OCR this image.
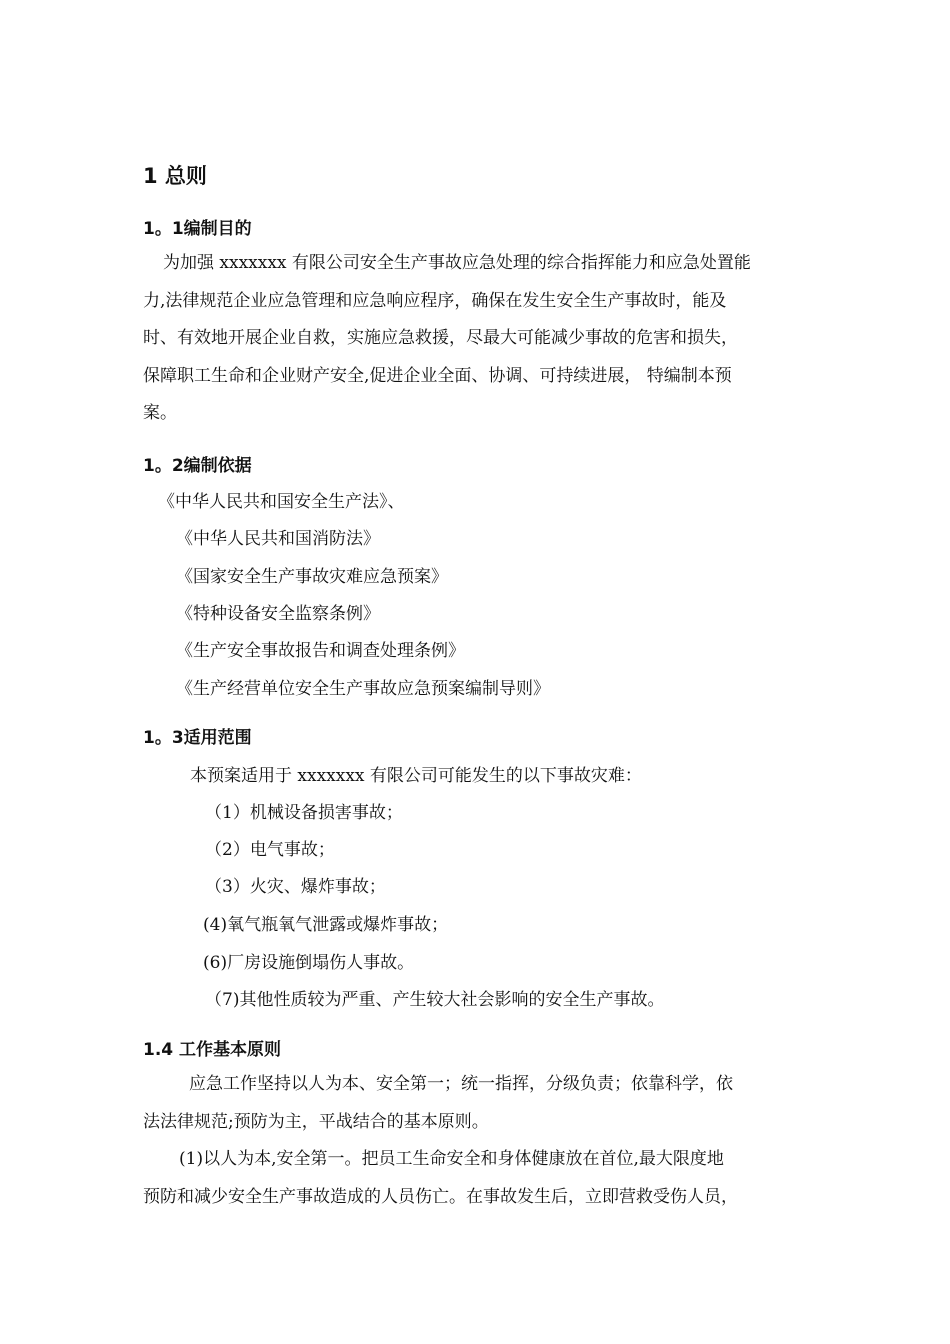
1 总则
1。1编制目的
为加强 xxxxxxx 有限公司安全生产事故应急处理的综合指挥能力和应急处置能
力,法律规范企业应急管理和应急响应程序，确保在发生安全生产事故时，能及
时、有效地开展企业自救，实施应急救援，尽最大可能减少事故的危害和损失，
保障职工生命和企业财产安全,促进企业全面、协调、可持续进展， 特编制本预
案。
1。2编制依据
《中华人民共和国安全生产法》、
《中华人民共和国消防法》
《国家安全生产事故灾难应急预案》
《特种设备安全监察条例》
《生产安全事故报告和调查处理条例》
《生产经营单位安全生产事故应急预案编制导则》
1。3适用范围
本预案适用于 xxxxxxx 有限公司可能发生的以下事故灾难：
（1）机械设备损害事故；
（2）电气事故；
（3）火灾、爆炸事故；
(4)氧气瓶氧气泄露或爆炸事故；
(6)厂房设施倒塌伤人事故。
（7)其他性质较为严重、产生较大社会影响的安全生产事故。
1.4 工作基本原则
应急工作坚持以人为本、安全第一；统一指挥，分级负责；依靠科学，依
法法律规范;预防为主，平战结合的基本原则。
(1)以人为本,安全第一。把员工生命安全和身体健康放在首位,最大限度地
预防和减少安全生产事故造成的人员伤亡。在事故发生后，立即营救受伤人员，
